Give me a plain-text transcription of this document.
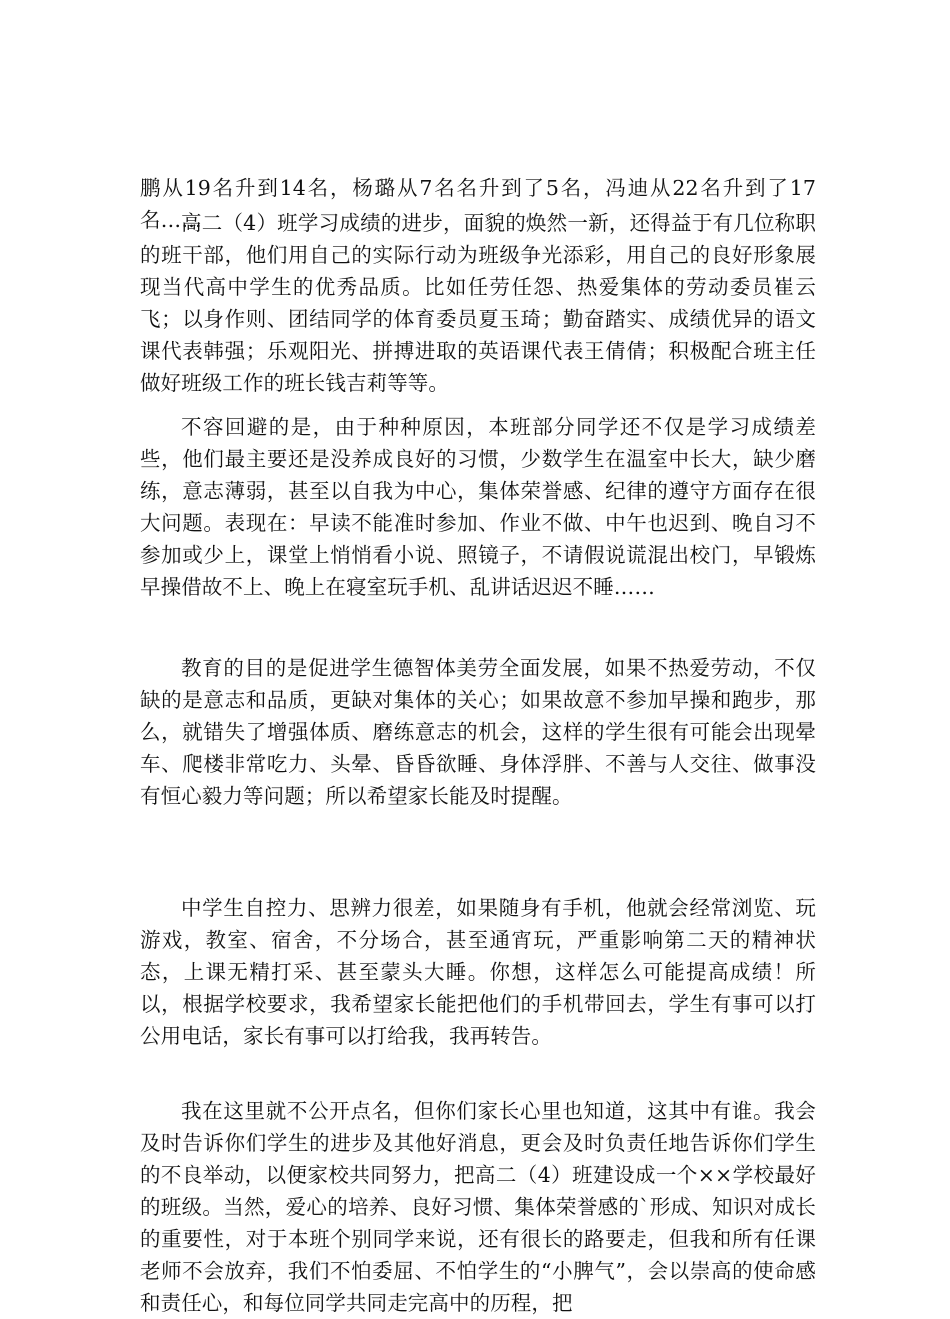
鹏从19名升到14名，杨璐从7名名升到了5名，冯迪从22名升到了17名……

高二（4）班学习成绩的进步，面貌的焕然一新，还得益于有几位称职的班干部，他们用自己的实际行动为班级争光添彩，用自己的良好形象展现当代高中学生的优秀品质。比如任劳任怨、热爱集体的劳动委员崔云飞；以身作则、团结同学的体育委员夏玉琦；勤奋踏实、成绩优异的语文课代表韩强；乐观阳光、拼搏进取的英语课代表王倩倩；积极配合班主任做好班级工作的班长钱吉莉等等。

不容回避的是，由于种种原因，本班部分同学还不仅是学习成绩差些，他们最主要还是没养成良好的习惯，少数学生在温室中长大，缺少磨练，意志薄弱，甚至以自我为中心，集体荣誉感、纪律的遵守方面存在很大问题。表现在：早读不能准时参加、作业不做、中午也迟到、晚自习不参加或少上，课堂上悄悄看小说、照镜子，不请假说谎混出校门，早锻炼早操借故不上、晚上在寝室玩手机、乱讲话迟迟不睡……

教育的目的是促进学生德智体美劳全面发展，如果不热爱劳动，不仅缺的是意志和品质，更缺对集体的关心；如果故意不参加早操和跑步，那么，就错失了增强体质、磨练意志的机会，这样的学生很有可能会出现晕车、爬楼非常吃力、头晕、昏昏欲睡、身体浮胖、不善与人交往、做事没有恒心毅力等问题；所以希望家长能及时提醒。

中学生自控力、思辨力很差，如果随身有手机，他就会经常浏览、玩游戏，教室、宿舍，不分场合，甚至通宵玩，严重影响第二天的精神状态，上课无精打采、甚至蒙头大睡。你想，这样怎么可能提高成绩！所以，根据学校要求，我希望家长能把他们的手机带回去，学生有事可以打公用电话，家长有事可以打给我，我再转告。

我在这里就不公开点名，但你们家长心里也知道，这其中有谁。我会及时告诉你们学生的进步及其他好消息，更会及时负责任地告诉你们学生的不良举动，以便家校共同努力，把高二（4）班建设成一个××学校最好的班级。当然，爱心的培养、良好习惯、集体荣誉感的`形成、知识对成长的重要性，对于本班个别同学来说，还有很长的路要走，但我和所有任课老师不会放弃，我们不怕委屈、不怕学生的“小脾气”，会以崇高的使命感和责任心，和每位同学共同走完高中的历程，把
